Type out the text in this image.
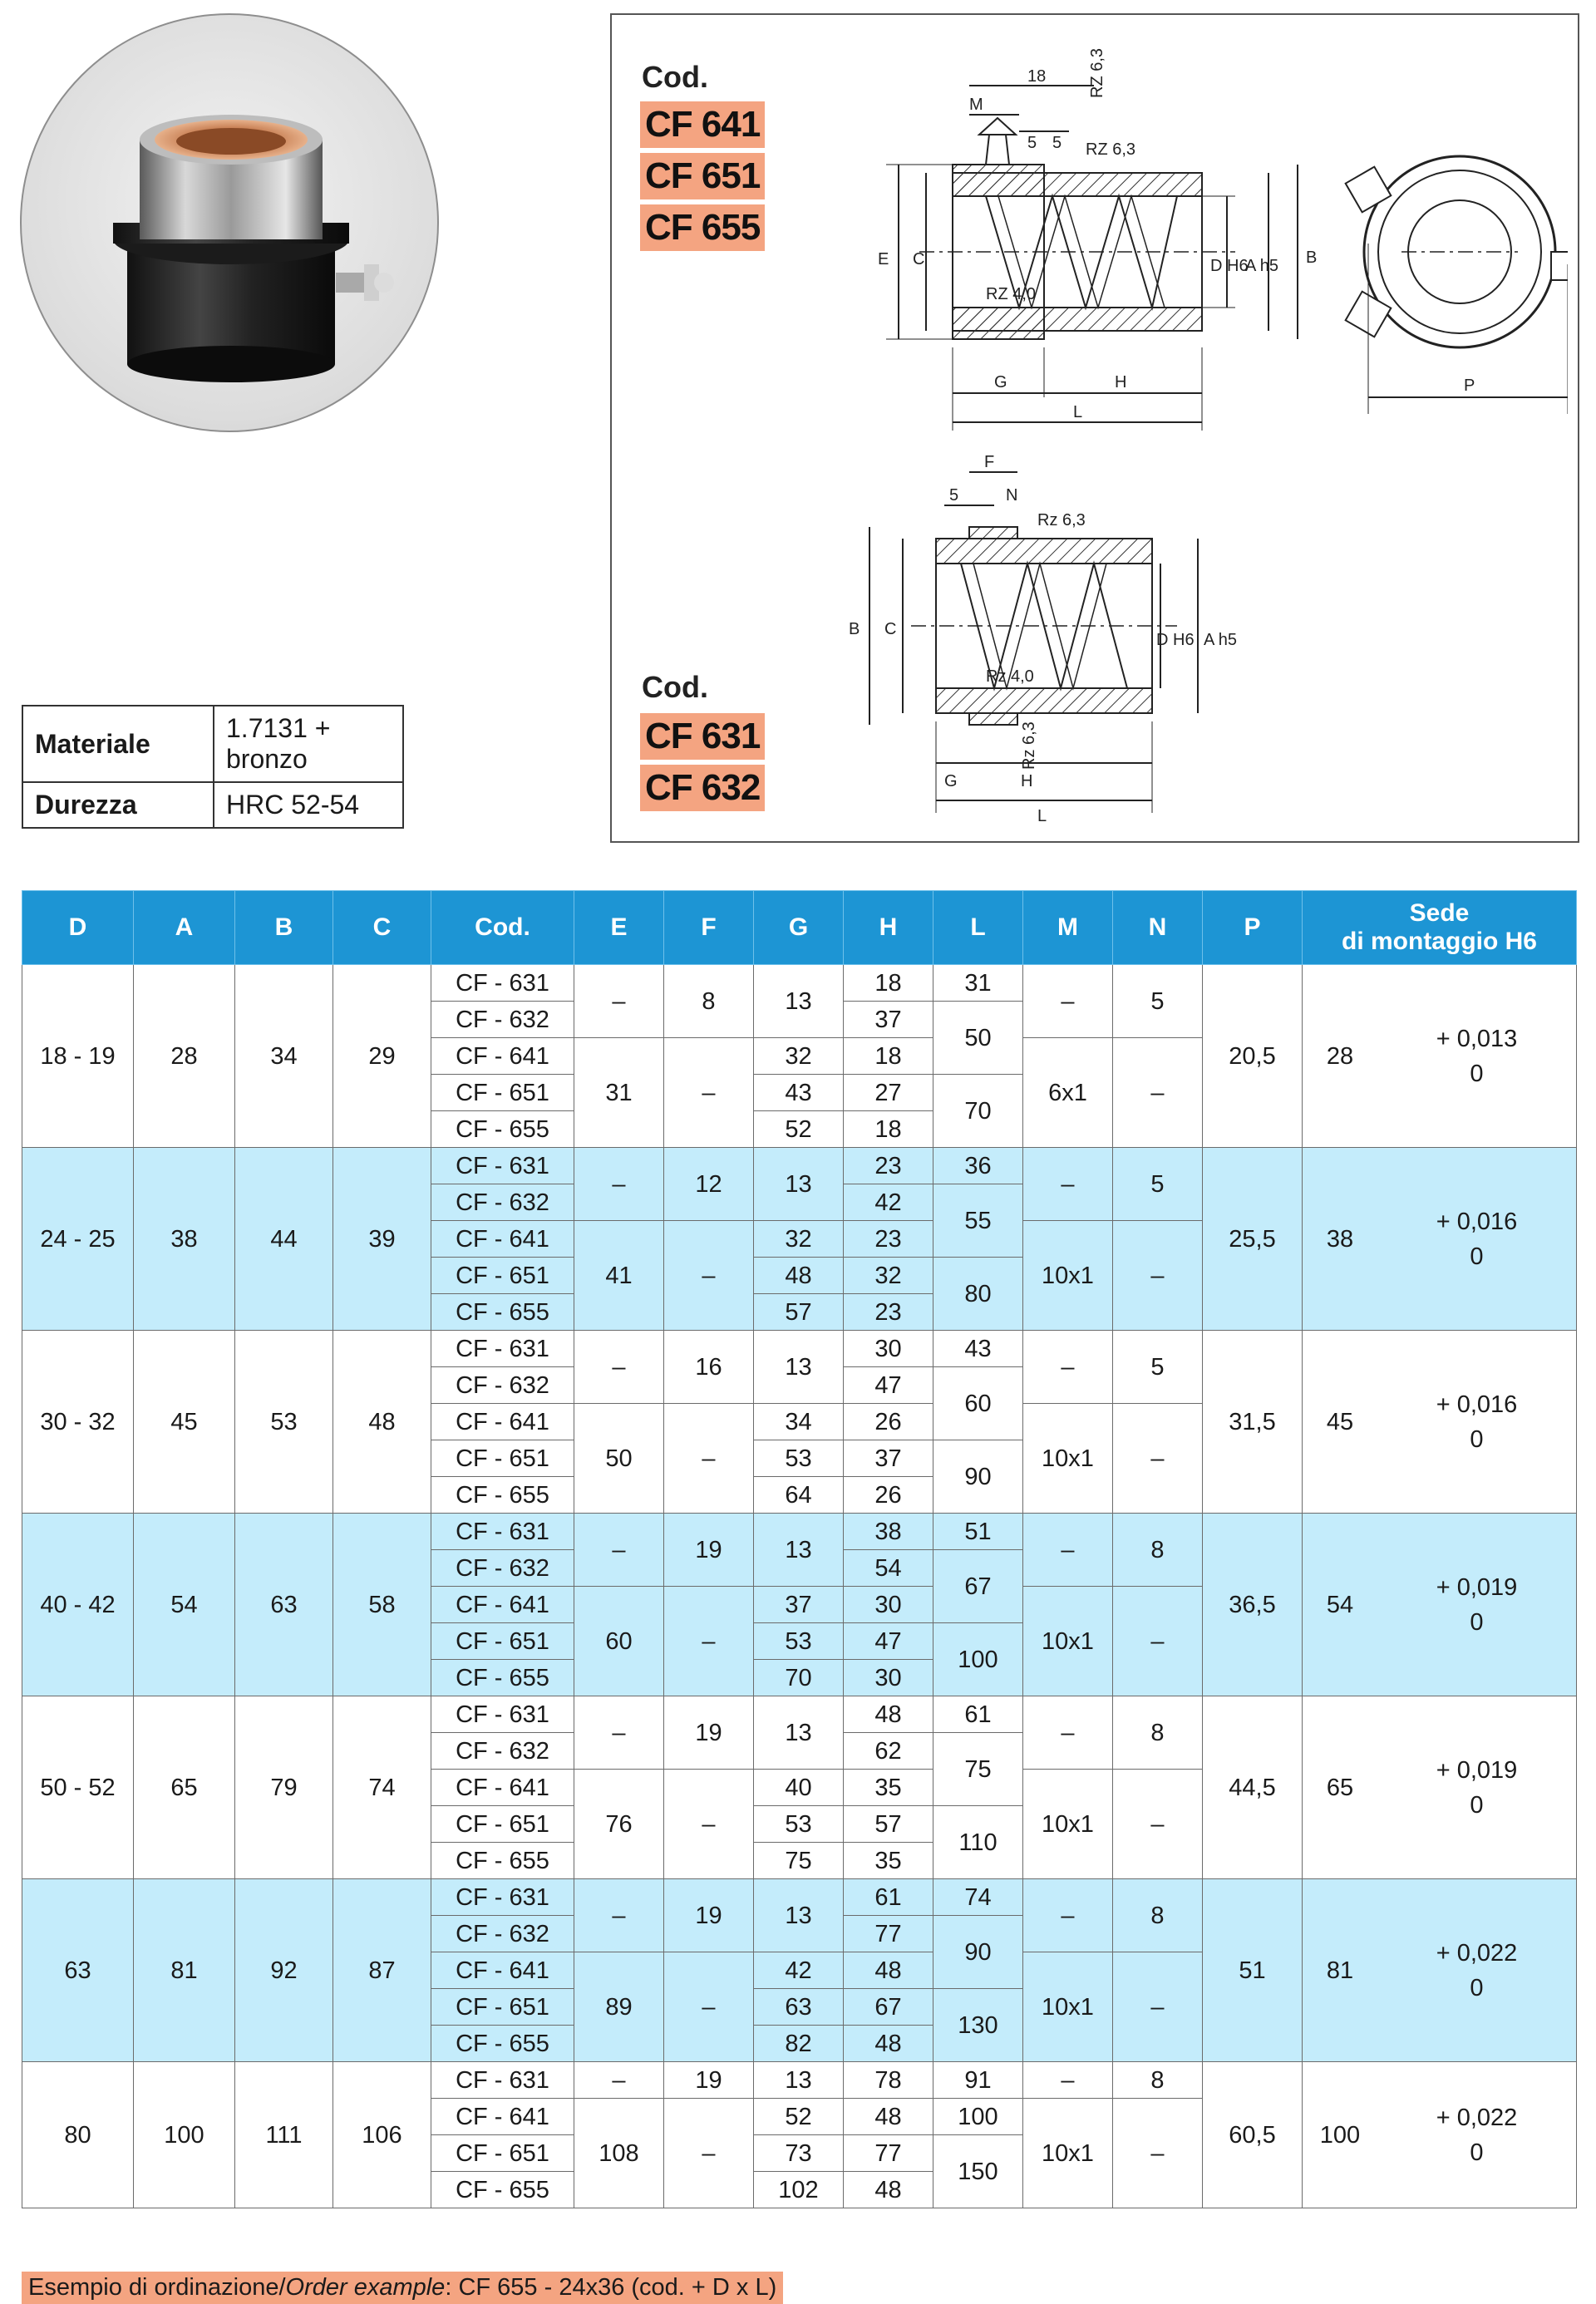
Materiale	1.7131 + bronzo
Durezza	HRC 52-54
Cod.
CF 641
CF 651
CF 655
Cod.
CF 631
CF 632
18
M
5 5 RZ 6,3
E C	D H6
A h5 B
RZ 4,0
G	H
L
P
RZ 6,3
F
5	N
Rz 6,3
B C
D H6 A h5
Rz 4,0
Rz 6,3
G	H
L
D	A	B	C	Cod.	E	F	G	H	L	M	N	P	Sede
di montaggio H6

18 - 19	28	34	29	CF - 631	–	8	13	18	31	–	5	20,5	28
+ 0,013
0

				CF - 632				37	50				
				CF - 641	31	–	32	18		6x1	–		
				CF - 651			43	27	70				
				CF - 655			52	18					
24 - 25	38	44	39	CF - 631	–	12	13	23	36	–	5	25,5	38
+ 0,016
0

				CF - 632				42	55				
				CF - 641	41	–	32	23		10x1	–		
				CF - 651			48	32	80				
				CF - 655			57	23					
30 - 32	45	53	48	CF - 631	–	16	13	30	43	–	5	31,5	45
+ 0,016
0

				CF - 632				47	60				
				CF - 641	50	–	34	26		10x1	–		
				CF - 651			53	37	90				
				CF - 655			64	26					
40 - 42	54	63	58	CF - 631	–	19	13	38	51	–	8	36,5	54
+ 0,019
0

				CF - 632				54	67				
				CF - 641	60	–	37	30		10x1	–		
				CF - 651			53	47	100				
				CF - 655			70	30					
50 - 52	65	79	74	CF - 631	–	19	13	48	61	–	8	44,5	65
+ 0,019
0

				CF - 632				62	75				
				CF - 641	76	–	40	35		10x1	–		
				CF - 651			53	57	110				
				CF - 655			75	35					
63	81	92	87	CF - 631	–	19	13	61	74	–	8	51	81
+ 0,022
0

				CF - 632				77	90				
				CF - 641	89	–	42	48		10x1	–		
				CF - 651			63	67	130				
				CF - 655			82	48					
80	100	111	106	CF - 631	–	19	13	78	91	–	8	60,5	100
+ 0,022
0

				CF - 641	108	–	52	48	100	10x1	–		
				CF - 651			73	77	150				
				CF - 655			102	48					
Esempio di ordinazione/Order example: CF 655 - 24x36 (cod. + D x L)
